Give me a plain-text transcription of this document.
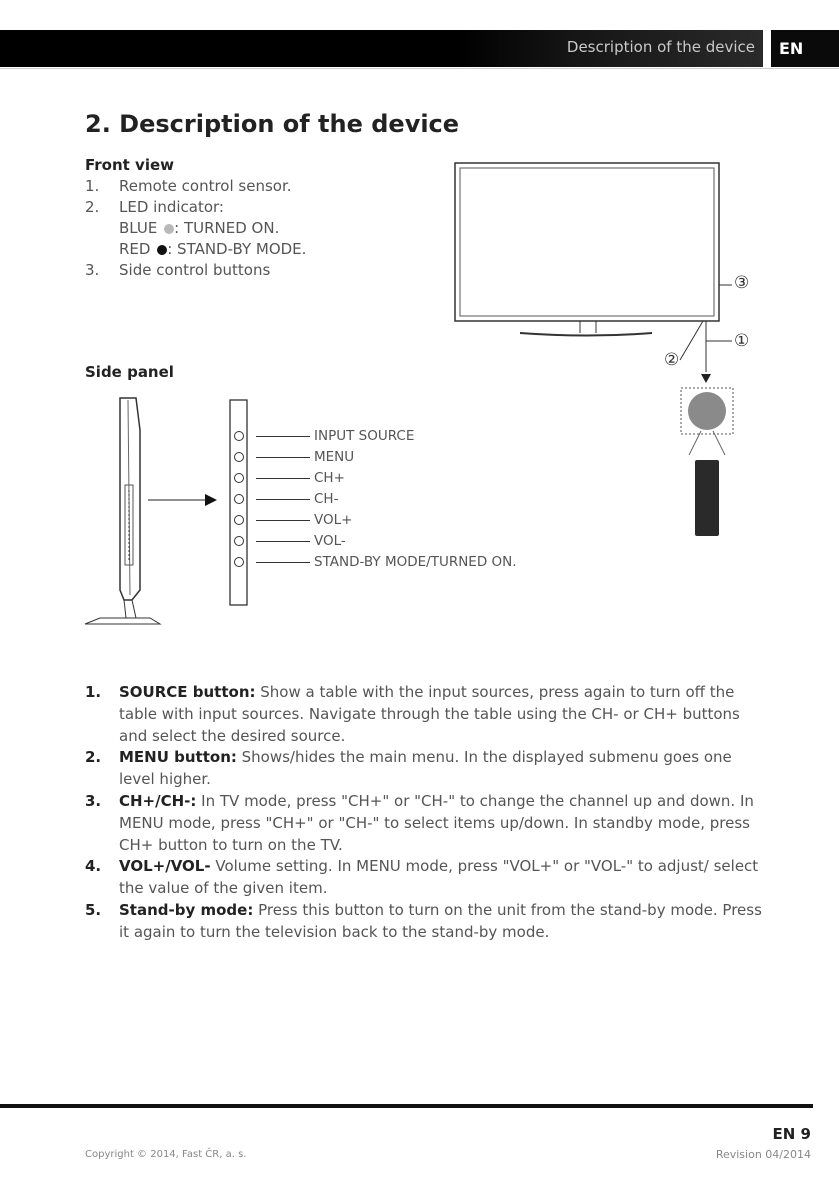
Description of the device	EN
2. Description of the device
Front view
1. Remote control sensor.
2. LED indicator:
BLUE : TURNED ON.
RED : STAND-BY MODE.
3. Side control buttons
③
①
②
Side panel
INPUT SOURCE
MENU
CH+
CH-
VOL+
VOL-
STAND-BY MODE/TURNED ON.
1. SOURCE button: Show a table with the input sources, press again to turn off the table with input sources. Navigate through the table using the CH- or CH+ buttons and select the desired source.
2. MENU button: Shows/hides the main menu. In the displayed submenu goes one level higher.
3. CH+/CH-: In TV mode, press "CH+" or "CH-" to change the channel up and down. In MENU mode, press "CH+" or "CH-" to select items up/down. In standby mode, press CH+ button to turn on the TV.
4. VOL+/VOL- Volume setting. In MENU mode, press "VOL+" or "VOL-" to adjust/ select the value of the given item.
5. Stand-by mode: Press this button to turn on the unit from the stand-by mode. Press it again to turn the television back to the stand-by mode.
EN 9
Copyright © 2014, Fast ČR, a. s.	Revision 04/2014
